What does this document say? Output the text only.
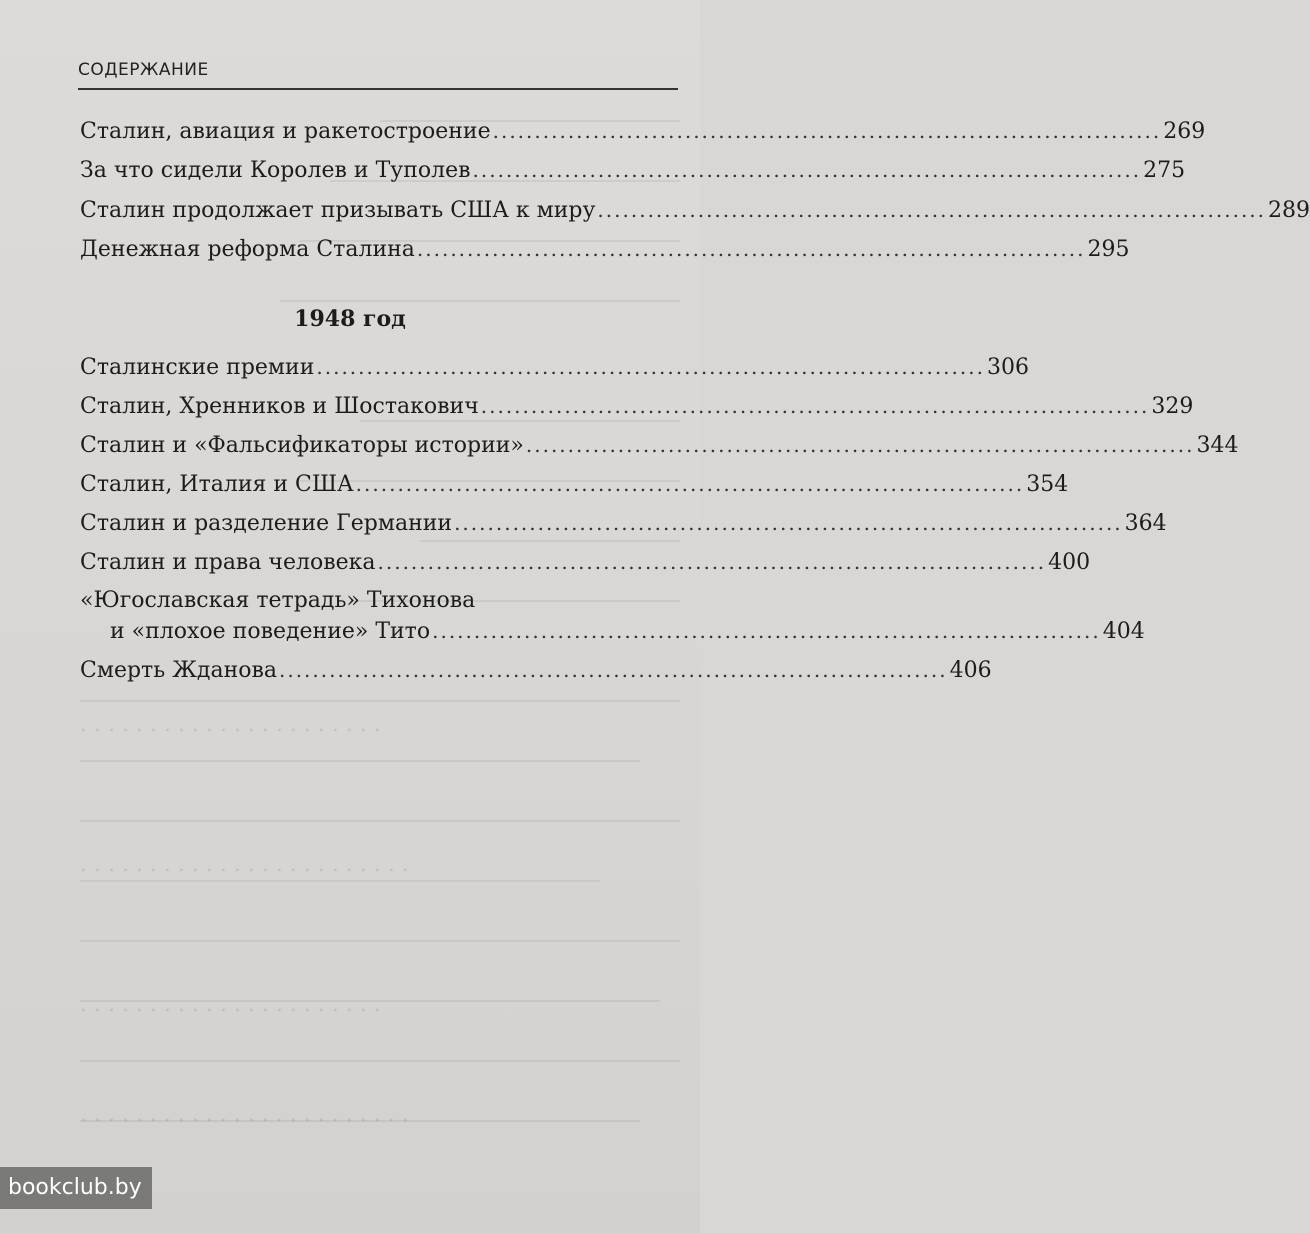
. . . . . . . . . . . . . . . . . . . . . .
. . . . . . . . . . . . . . . . . . . . . . . .
. . . . . . . . . . . . . . . . . . . . . .
. . . . . . . . . . . . . . . . . . . . . . . .
СОДЕРЖАНИЕ
Сталин, авиация и ракетостроение ................................................................................ 269
За что сидели Королев и Туполев ................................................................................ 275
Сталин продолжает призывать США к миру ................................................................................ 289
Денежная реформа Сталина ................................................................................ 295
1948 год
Сталинские премии ................................................................................ 306
Сталин, Хренников и Шостакович ................................................................................ 329
Сталин и «Фальсификаторы истории» ................................................................................ 344
Сталин, Италия и США ................................................................................ 354
Сталин и разделение Германии ................................................................................ 364
Сталин и права человека ................................................................................ 400
«Югославская тетрадь» Тихонова
и «плохое поведение» Тито ................................................................................ 404
Смерть Жданова ................................................................................ 406
bookclub.by
